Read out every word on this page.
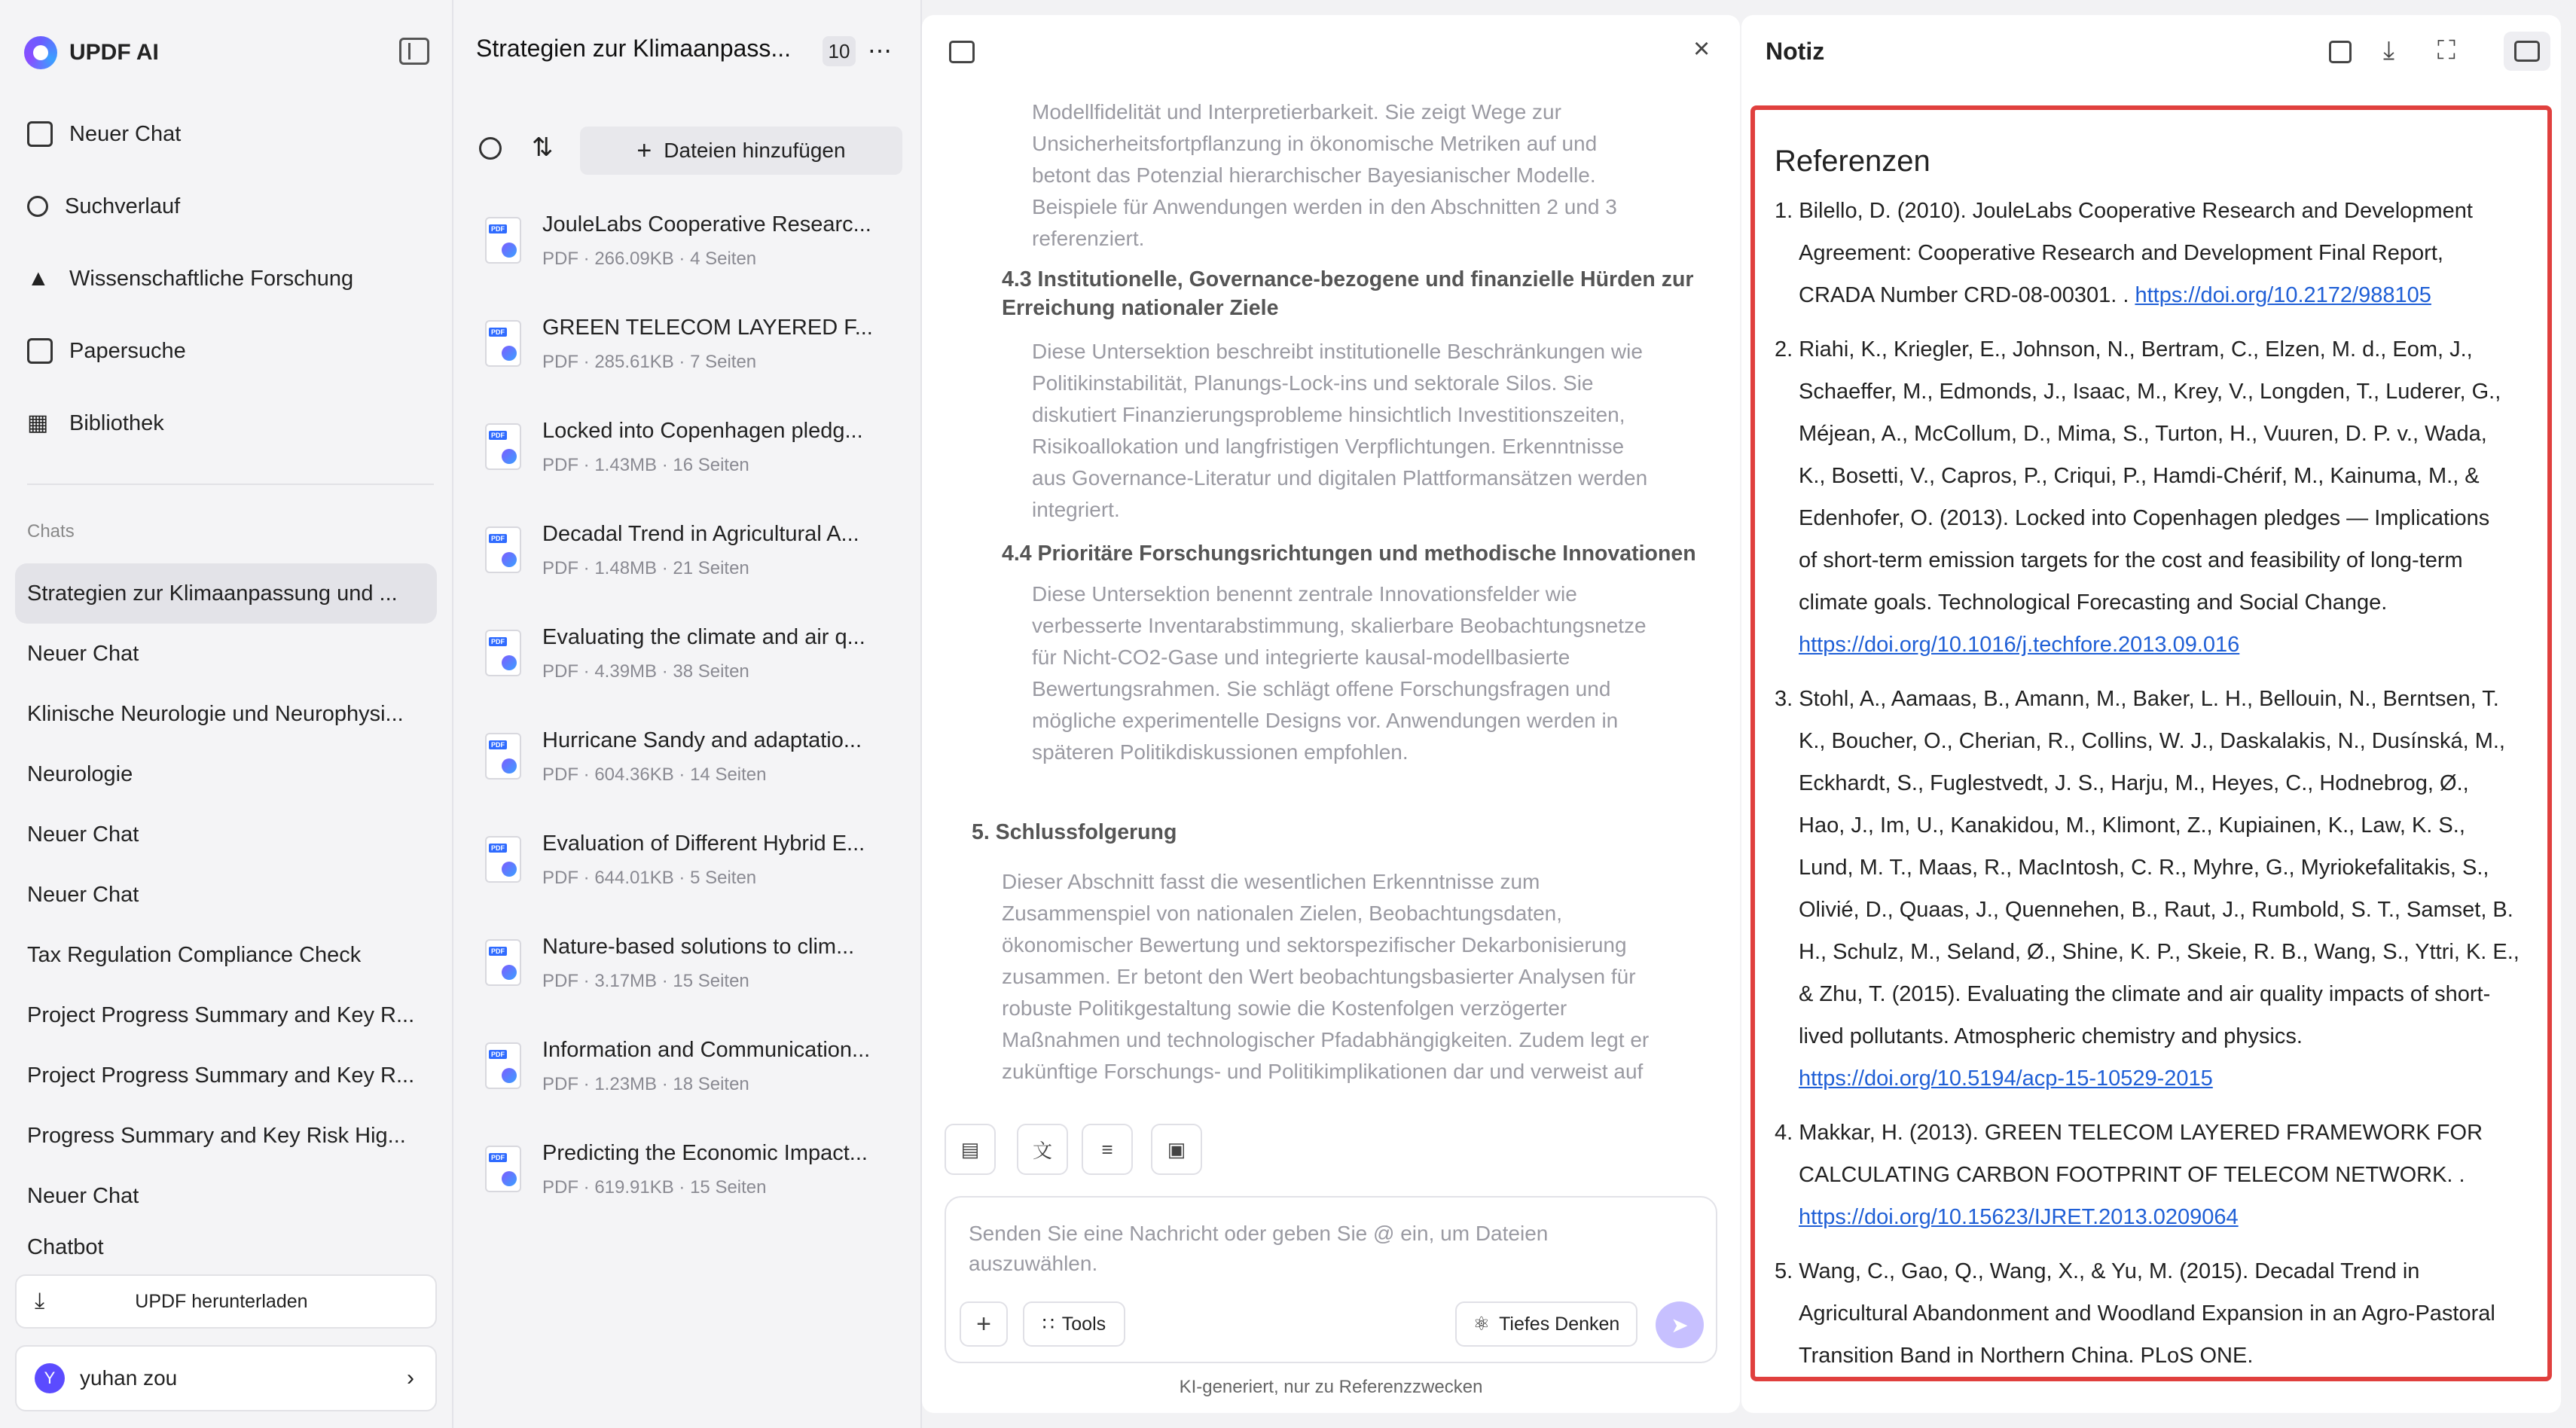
UPDF AI
Neuer Chat
Suchverlauf
▲ Wissenschaftliche Forschung
Papersuche
▦ Bibliothek
Chats
Strategien zur Klimaanpassung und ...
Neuer Chat
Klinische Neurologie und Neurophysi...
Neurologie
Neuer Chat
Neuer Chat
Tax Regulation Compliance Check
Project Progress Summary and Key R...
Project Progress Summary and Key R...
Progress Summary and Key Risk Hig...
Neuer Chat
Chatbot
⤓	UPDF herunterladen
Y	yuhan zou	›
Strategien zur Klimaanpass...	10 ⋯
⇅	+ Dateien hinzufügen
PDF JouleLabs Cooperative Researc...
PDF · 266.09KB · 4 Seiten
PDF GREEN TELECOM LAYERED F...
PDF · 285.61KB · 7 Seiten
PDF Locked into Copenhagen pledg...
PDF · 1.43MB · 16 Seiten
PDF Decadal Trend in Agricultural A...
PDF · 1.48MB · 21 Seiten
PDF Evaluating the climate and air q...
PDF · 4.39MB · 38 Seiten
PDF Hurricane Sandy and adaptatio...
PDF · 604.36KB · 14 Seiten
PDF Evaluation of Different Hybrid E...
PDF · 644.01KB · 5 Seiten
PDF Nature-based solutions to clim...
PDF · 3.17MB · 15 Seiten
PDF Information and Communication...
PDF · 1.23MB · 18 Seiten
PDF Predicting the Economic Impact...
PDF · 619.91KB · 15 Seiten
×
Modellfidelität und Interpretierbarkeit. Sie zeigt Wege zur
Unsicherheitsfortpflanzung in ökonomische Metriken auf und
betont das Potenzial hierarchischer Bayesianischer Modelle.
Beispiele für Anwendungen werden in den Abschnitten 2 und 3
referenziert.
4.3 Institutionelle, Governance-bezogene und finanzielle Hürden zur
Erreichung nationaler Ziele
Diese Untersektion beschreibt institutionelle Beschränkungen wie
Politikinstabilität, Planungs-Lock-ins und sektorale Silos. Sie
diskutiert Finanzierungsprobleme hinsichtlich Investitionszeiten,
Risikoallokation und langfristigen Verpflichtungen. Erkenntnisse
aus Governance-Literatur und digitalen Plattformansätzen werden
integriert.
4.4 Prioritäre Forschungsrichtungen und methodische Innovationen
Diese Untersektion benennt zentrale Innovationsfelder wie
verbesserte Inventarabstimmung, skalierbare Beobachtungsnetze
für Nicht-CO2-Gase und integrierte kausal-modellbasierte
Bewertungsrahmen. Sie schlägt offene Forschungsfragen und
mögliche experimentelle Designs vor. Anwendungen werden in
späteren Politikdiskussionen empfohlen.
5. Schlussfolgerung
Dieser Abschnitt fasst die wesentlichen Erkenntnisse zum
Zusammenspiel von nationalen Zielen, Beobachtungsdaten,
ökonomischer Bewertung und sektorspezifischer Dekarbonisierung
zusammen. Er betont den Wert beobachtungsbasierter Analysen für
robuste Politikgestaltung sowie die Kostenfolgen verzögerter
Maßnahmen und technologischer Pfadabhängigkeiten. Zudem legt er
zukünftige Forschungs- und Politikimplikationen dar und verweist auf
▤	文	≡	▣
Senden Sie eine Nachricht oder geben Sie @ ein, um Dateien auszuwählen.
+	∷ Tools	⚛ Tiefes Denken ➤
KI-generiert, nur zu Referenzzwecken
Notiz	⤓ ⛶
Referenzen
1. Bilello, D. (2010). JouleLabs Cooperative Research and Development
Agreement: Cooperative Research and Development Final Report,
CRADA Number CRD-08-00301. . https://doi.org/10.2172/988105
2. Riahi, K., Kriegler, E., Johnson, N., Bertram, C., Elzen, M. d., Eom, J.,
Schaeffer, M., Edmonds, J., Isaac, M., Krey, V., Longden, T., Luderer, G.,
Méjean, A., McCollum, D., Mima, S., Turton, H., Vuuren, D. P. v., Wada,
K., Bosetti, V., Capros, P., Criqui, P., Hamdi-Chérif, M., Kainuma, M., &
Edenhofer, O. (2013). Locked into Copenhagen pledges — Implications
of short-term emission targets for the cost and feasibility of long-term
climate goals. Technological Forecasting and Social Change.
https://doi.org/10.1016/j.techfore.2013.09.016
3. Stohl, A., Aamaas, B., Amann, M., Baker, L. H., Bellouin, N., Berntsen, T.
K., Boucher, O., Cherian, R., Collins, W. J., Daskalakis, N., Dusínská, M.,
Eckhardt, S., Fuglestvedt, J. S., Harju, M., Heyes, C., Hodnebrog, Ø.,
Hao, J., Im, U., Kanakidou, M., Klimont, Z., Kupiainen, K., Law, K. S.,
Lund, M. T., Maas, R., MacIntosh, C. R., Myhre, G., Myriokefalitakis, S.,
Olivié, D., Quaas, J., Quennehen, B., Raut, J., Rumbold, S. T., Samset, B.
H., Schulz, M., Seland, Ø., Shine, K. P., Skeie, R. B., Wang, S., Yttri, K. E.,
& Zhu, T. (2015). Evaluating the climate and air quality impacts of short-
lived pollutants. Atmospheric chemistry and physics.
https://doi.org/10.5194/acp-15-10529-2015
4. Makkar, H. (2013). GREEN TELECOM LAYERED FRAMEWORK FOR
CALCULATING CARBON FOOTPRINT OF TELECOM NETWORK. .
https://doi.org/10.15623/IJRET.2013.0209064
5. Wang, C., Gao, Q., Wang, X., & Yu, M. (2015). Decadal Trend in
Agricultural Abandonment and Woodland Expansion in an Agro-Pastoral
Transition Band in Northern China. PLoS ONE.
